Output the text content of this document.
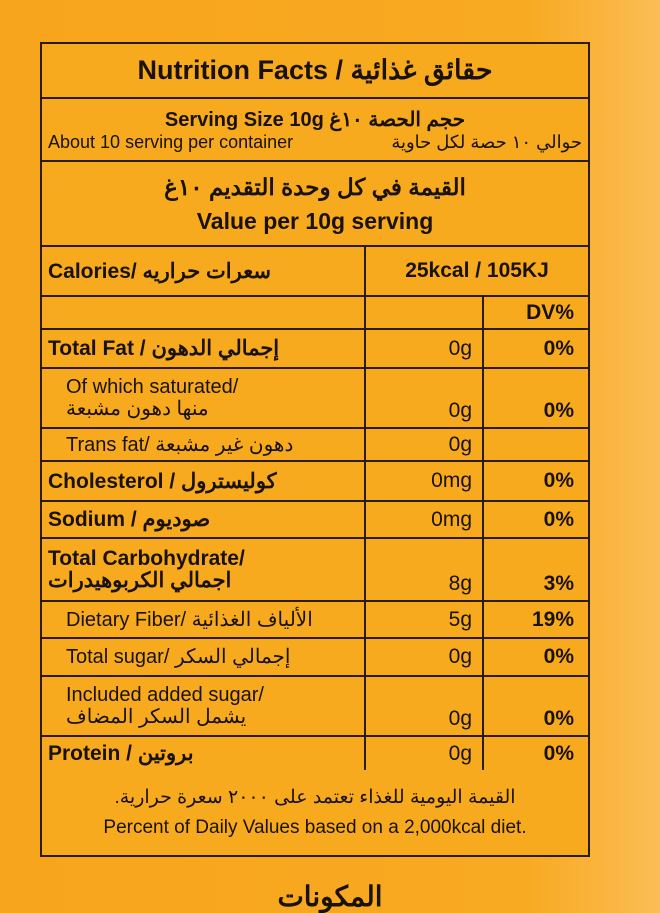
Nutrition Facts / حقائق غذائية
Serving Size 10g حجم الحصة ١٠غ
About 10 serving per container	حوالي ١٠ حصة لكل حاوية
القيمة في كل وحدة التقديم ١٠غ
Value per 10g serving
Calories/ سعرات حراريه	25kcal / 105KJ
DV%
Total Fat / إجمالي الدهون	0g	0%
Of which saturated/
منها دهون مشبعة	0g	0%
Trans fat/ دهون غير مشبعة	0g
Cholesterol / كوليسترول	0mg	0%
Sodium / صوديوم	0mg	0%
Total Carbohydrate/
اجمالي الكربوهيدرات	8g	3%
Dietary Fiber/ الألياف الغذائية	5g	19%
Total sugar/ إجمالي السكر	0g	0%
Included added sugar/
يشمل السكر المضاف	0g	0%
Protein / بروتين	0g	0%
القيمة اليومية للغذاء تعتمد على ٢٠٠٠ سعرة حرارية.
Percent of Daily Values based on a 2,000kcal diet.
المكونات
